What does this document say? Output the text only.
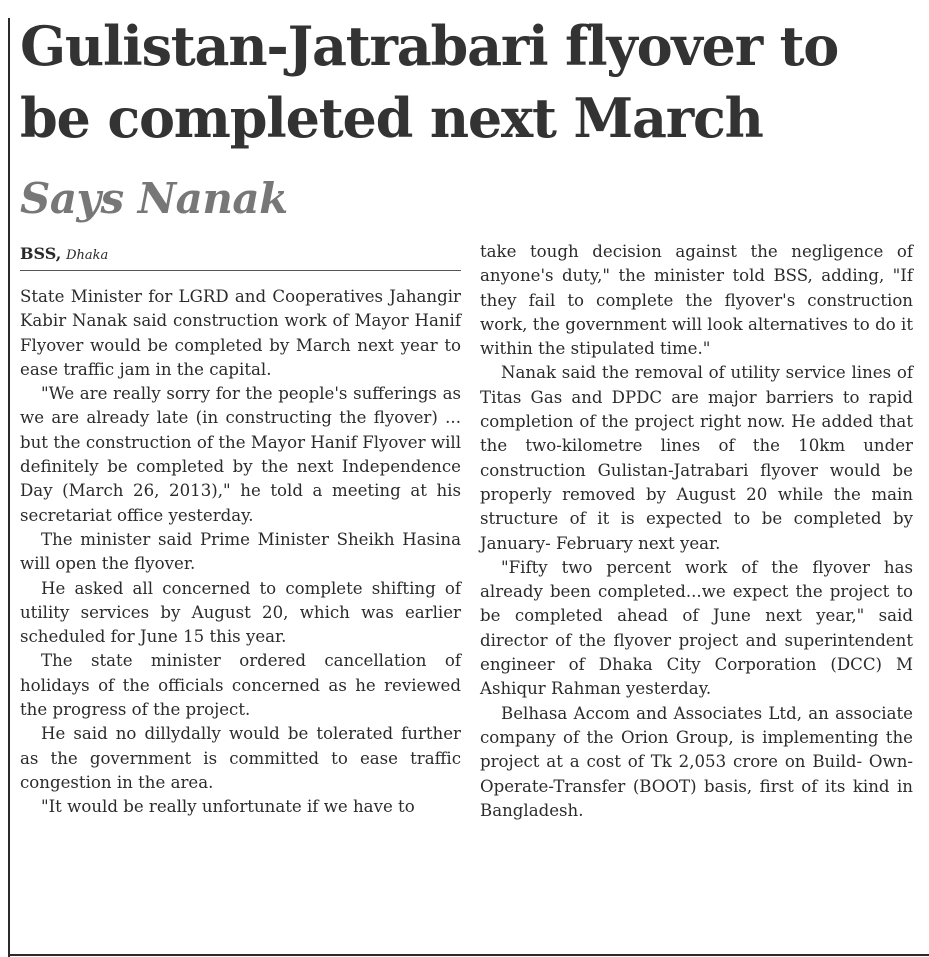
Gulistan-Jatrabari flyover to be completed next March
Says Nanak
BSS, Dhaka

State Minister for LGRD and Cooperatives Jahangir Kabir Nanak said construction work of Mayor Hanif Flyover would be completed by March next year to ease traffic jam in the capital.

"We are really sorry for the people's sufferings as we are already late (in constructing the flyover) ... but the construction of the Mayor Hanif Flyover will definitely be completed by the next Independence Day (March 26, 2013)," he told a meeting at his secretariat office yesterday.

The minister said Prime Minister Sheikh Hasina will open the flyover.

He asked all concerned to complete shifting of utility services by August 20, which was earlier scheduled for June 15 this year.

The state minister ordered cancellation of holidays of the officials concerned as he reviewed the progress of the project.

He said no dillydally would be tolerated further as the government is committed to ease traffic congestion in the area.

"It would be really unfortunate if we have to

take tough decision against the negligence of anyone's duty," the minister told BSS, adding, "If they fail to complete the flyover's construction work, the government will look alternatives to do it within the stipulated time."

Nanak said the removal of utility service lines of Titas Gas and DPDC are major barriers to rapid completion of the project right now. He added that the two-kilometre lines of the 10km under construction Gulistan-Jatrabari flyover would be properly removed by August 20 while the main structure of it is expected to be completed by January- February next year.

"Fifty two percent work of the flyover has already been completed...we expect the project to be completed ahead of June next year," said director of the flyover project and superintendent engineer of Dhaka City Corporation (DCC) M Ashiqur Rahman yesterday.

Belhasa Accom and Associates Ltd, an associate company of the Orion Group, is implementing the project at a cost of Tk 2,053 crore on Build- Own-Operate-Transfer (BOOT) basis, first of its kind in Bangladesh.
